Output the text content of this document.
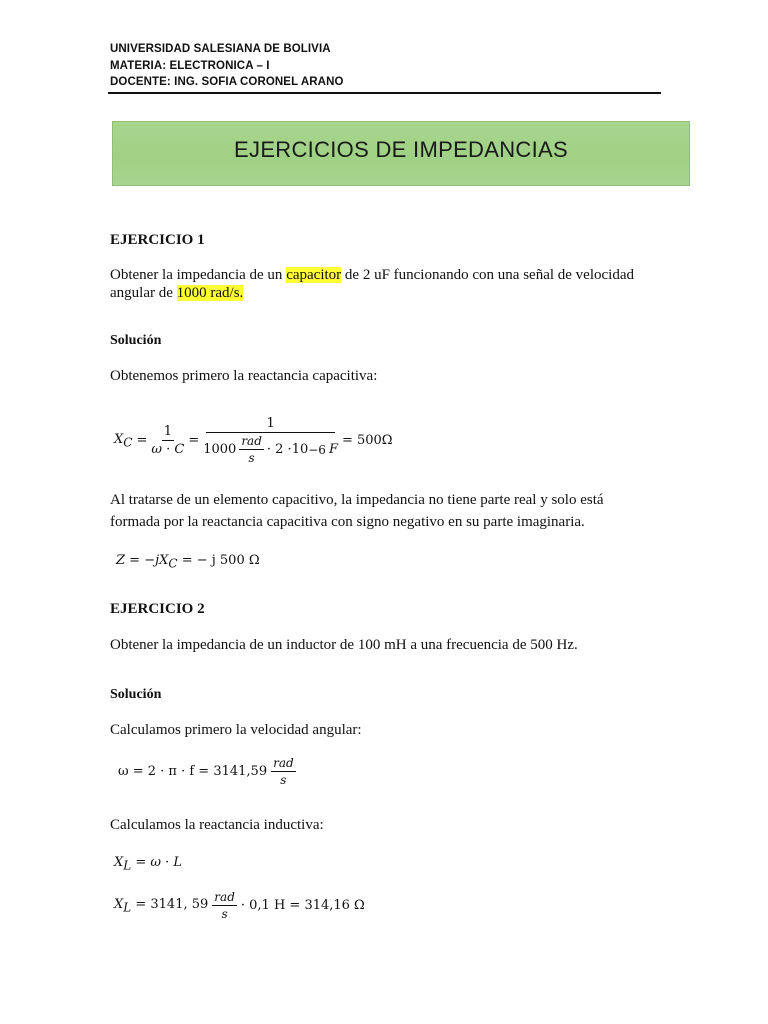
UNIVERSIDAD SALESIANA DE BOLIVIA
MATERIA: ELECTRONICA – I
DOCENTE: ING. SOFIA CORONEL ARANO
EJERCICIOS DE IMPEDANCIAS
EJERCICIO 1
Obtener la impedancia de un capacitor de 2 uF funcionando con una señal de velocidad
angular de 1000 rad/s.
Solución
Obtenemos primero la reactancia capacitiva:
$X_C = \frac{1}{\omega \cdot C}$ =
1
$1000 \frac{\text{rad}}{s} \cdot 2 \cdot 10 -6$ F
= 500Ω
Al tratarse de un elemento capacitivo, la impedancia no tiene parte real y solo está
formada por la reactancia capacitiva con signo negativo en su parte imaginaria.
$Z = -jX_C$ = − j 500 Ω
EJERCICIO 2
Obtener la impedancia de un inductor de 100 mH a una frecuencia de 500 Hz.
Solución
Calculamos primero la velocidad angular:
$\omega = 2 \cdot \pi \cdot f = 3141,59 \frac{\text{rad}}{s}$
Calculamos la reactancia inductiva:
$X_L = \omega \cdot L$
$X_L = 3141$, $59 \frac{\text{rad}}{s} \cdot 0,1$ H = 314,16 Ω
